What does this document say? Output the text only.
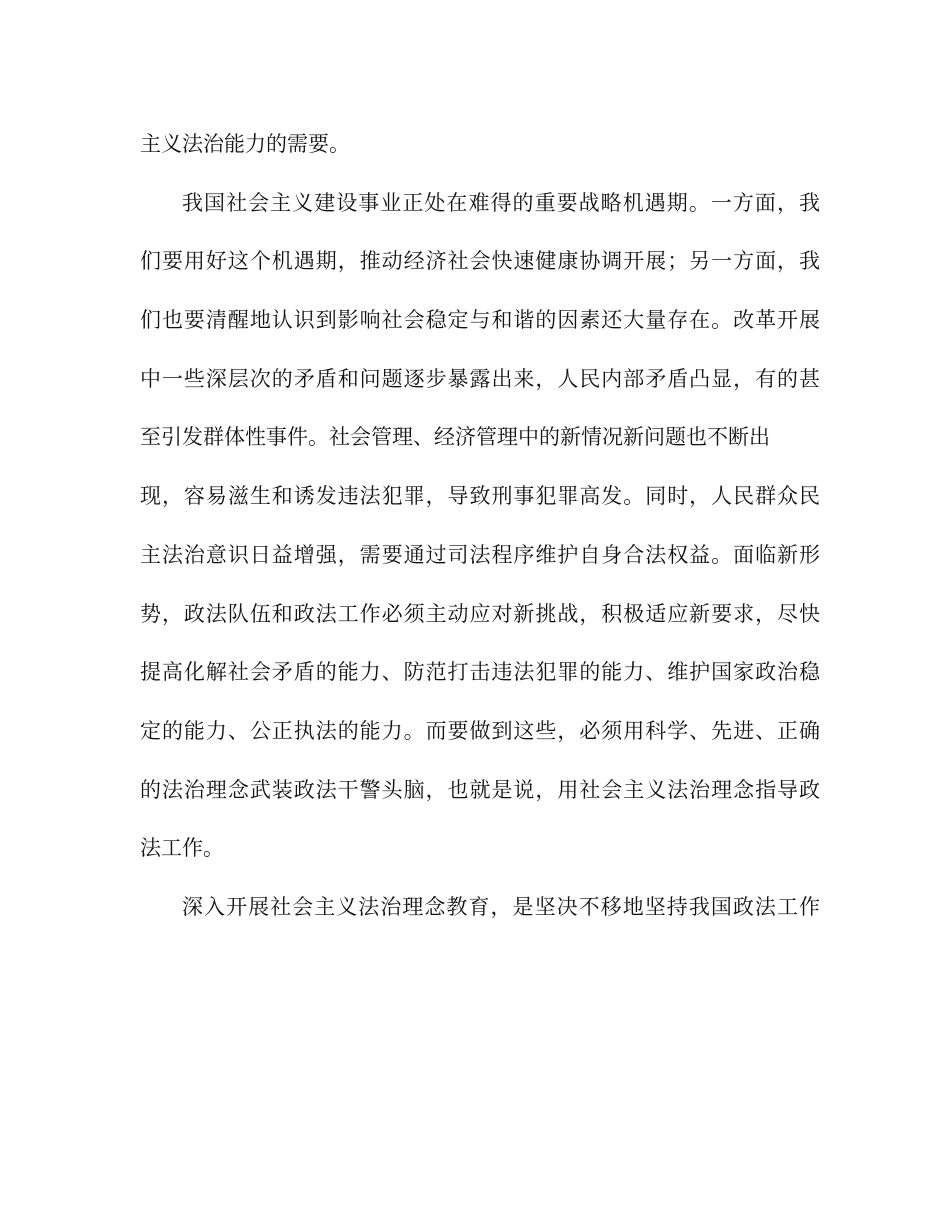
主义法治能力的需要。
我国社会主义建设事业正处在难得的重要战略机遇期。一方面，我
们要用好这个机遇期，推动经济社会快速健康协调开展；另一方面，我
们也要清醒地认识到影响社会稳定与和谐的因素还大量存在。改革开展
中一些深层次的矛盾和问题逐步暴露出来，人民内部矛盾凸显，有的甚
至引发群体性事件。社会管理、经济管理中的新情况新问题也不断出
现，容易滋生和诱发违法犯罪，导致刑事犯罪高发。同时，人民群众民
主法治意识日益增强，需要通过司法程序维护自身合法权益。面临新形
势，政法队伍和政法工作必须主动应对新挑战，积极适应新要求，尽快
提高化解社会矛盾的能力、防范打击违法犯罪的能力、维护国家政治稳
定的能力、公正执法的能力。而要做到这些，必须用科学、先进、正确
的法治理念武装政法干警头脑，也就是说，用社会主义法治理念指导政
法工作。
深入开展社会主义法治理念教育，是坚决不移地坚持我国政法工作
